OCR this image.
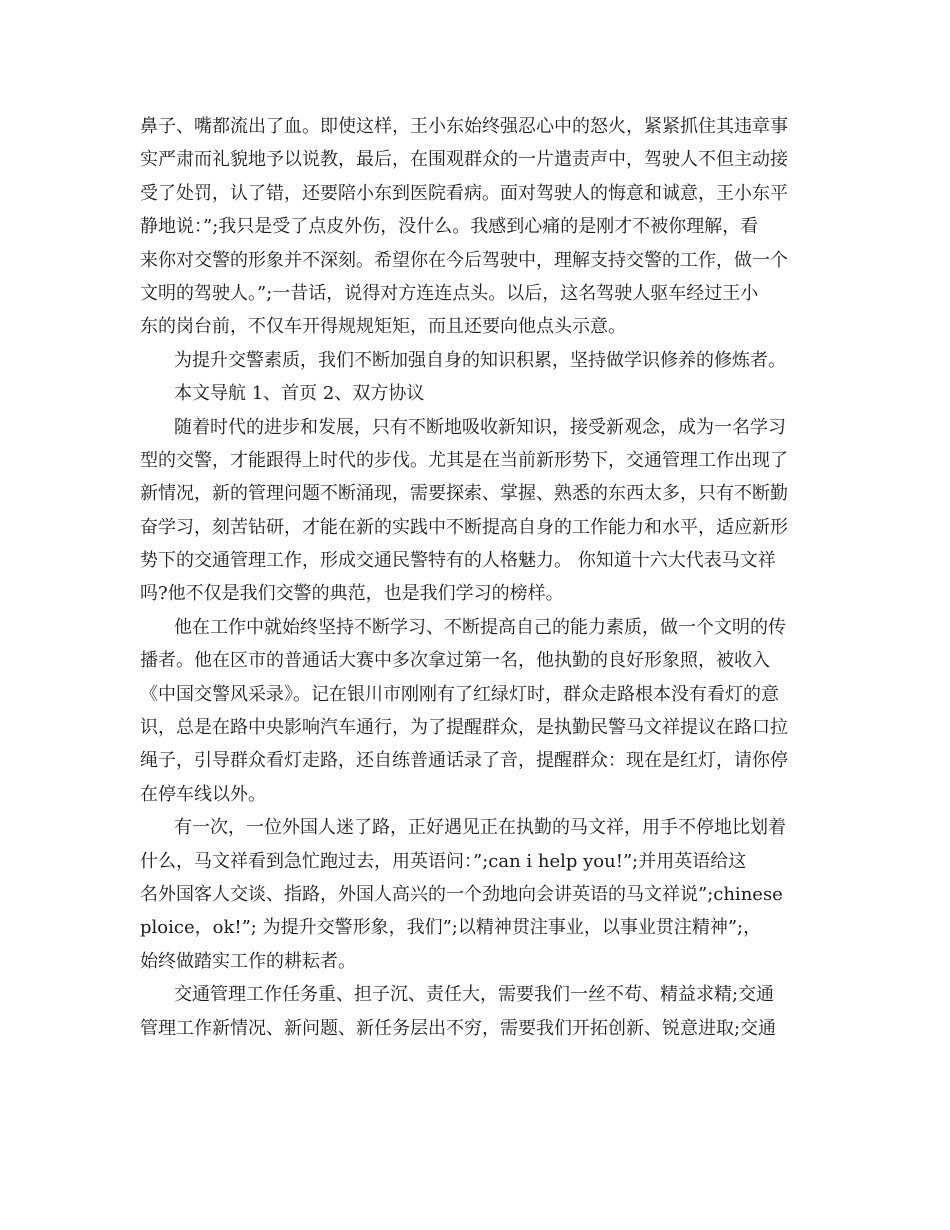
鼻子、嘴都流出了血。即使这样，王小东始终强忍心中的怒火，紧紧抓住其违章事
实严肃而礼貌地予以说教，最后，在围观群众的一片遣责声中，驾驶人不但主动接
受了处罚，认了错，还要陪小东到医院看病。面对驾驶人的悔意和诚意，王小东平
静地说：”;我只是受了点皮外伤，没什么。我感到心痛的是刚才不被你理解，看
来你对交警的形象并不深刻。希望你在今后驾驶中，理解支持交警的工作，做一个
文明的驾驶人。”;一昔话，说得对方连连点头。以后，这名驾驶人驱车经过王小
东的岗台前，不仅车开得规规矩矩，而且还要向他点头示意。
为提升交警素质，我们不断加强自身的知识积累，坚持做学识修养的修炼者。
本文导航 1、首页 2、双方协议
随着时代的进步和发展，只有不断地吸收新知识，接受新观念，成为一名学习
型的交警，才能跟得上时代的步伐。尤其是在当前新形势下，交通管理工作出现了
新情况，新的管理问题不断涌现，需要探索、掌握、熟悉的东西太多，只有不断勤
奋学习，刻苦钻研，才能在新的实践中不断提高自身的工作能力和水平，适应新形
势下的交通管理工作，形成交通民警特有的人格魅力。 你知道十六大代表马文祥
吗?他不仅是我们交警的典范，也是我们学习的榜样。
他在工作中就始终坚持不断学习、不断提高自己的能力素质，做一个文明的传
播者。他在区市的普通话大赛中多次拿过第一名，他执勤的良好形象照，被收入
《中国交警风采录》。记在银川市刚刚有了红绿灯时，群众走路根本没有看灯的意
识，总是在路中央影响汽车通行，为了提醒群众，是执勤民警马文祥提议在路口拉
绳子，引导群众看灯走路，还自练普通话录了音，提醒群众：现在是红灯，请你停
在停车线以外。
有一次，一位外国人迷了路，正好遇见正在执勤的马文祥，用手不停地比划着
什么，马文祥看到急忙跑过去，用英语问：”;can i help you!”;并用英语给这
名外国客人交谈、指路，外国人高兴的一个劲地向会讲英语的马文祥说”;chinese
ploice，ok!”; 为提升交警形象，我们”;以精神贯注事业，以事业贯注精神”;，
始终做踏实工作的耕耘者。
交通管理工作任务重、担子沉、责任大，需要我们一丝不苟、精益求精;交通
管理工作新情况、新问题、新任务层出不穷，需要我们开拓创新、锐意进取;交通
